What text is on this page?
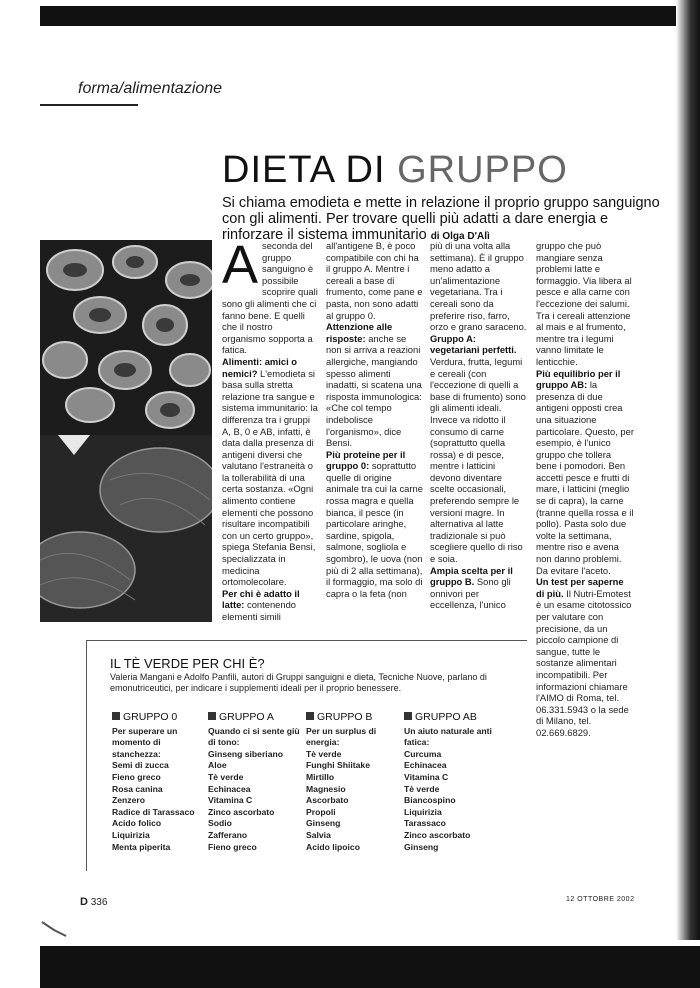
forma/alimentazione
DIETA DI GRUPPO
Si chiama emodieta e mette in relazione il proprio gruppo sanguigno con gli alimenti. Per trovare quelli più adatti a dare energia e rinforzare il sistema immunitario di Olga D'Alì
A seconda del gruppo sanguigno è possibile scoprire quali sono gli alimenti che ci fanno bene. E quelli che il nostro organismo sopporta a fatica.
Alimenti: amici o nemici? L'emodieta si basa sulla stretta relazione tra sangue e sistema immunitario: la differenza tra i gruppi A, B, 0 e AB, infatti, è data dalla presenza di antigeni diversi che valutano l'estraneità o la tollerabilità di una certa sostanza. «Ogni alimento contiene elementi che possono risultare incompatibili con un certo gruppo», spiega Stefania Bensi, specializzata in medicina ortomolecolare.
Per chi è adatto il latte: contenendo elementi simili
all'antigene B, è poco compatibile con chi ha il gruppo A. Mentre i cereali a base di frumento, come pane e pasta, non sono adatti al gruppo 0.
Attenzione alle risposte: anche se non si arriva a reazioni allergiche, mangiando spesso alimenti inadatti, si scatena una risposta immunologica: «Che col tempo indebolisce l'organismo», dice Bensi.
Più proteine per il gruppo 0: soprattutto quelle di origine animale tra cui la carne rossa magra e quella bianca, il pesce (in particolare aringhe, sardine, spigola, salmone, sogliola e sgombro), le uova (non più di 2 alla settimana), il formaggio, ma solo di capra o la feta (non
più di una volta alla settimana). È il gruppo meno adatto a un'alimentazione vegetariana. Tra i cereali sono da preferire riso, farro, orzo e grano saraceno.
Gruppo A: vegetariani perfetti. Verdura, frutta, legumi e cereali (con l'eccezione di quelli a base di frumento) sono gli alimenti ideali. Invece va ridotto il consumo di carne (soprattutto quella rossa) e di pesce, mentre i latticini devono diventare scelte occasionali, preferendo sempre le versioni magre. In alternativa al latte tradizionale si può scegliere quello di riso e soia.
Ampia scelta per il gruppo B. Sono gli onnivori per eccellenza, l'unico
gruppo che può mangiare senza problemi latte e formaggio. Via libera al pesce e alla carne con l'eccezione dei salumi. Tra i cereali attenzione al mais e al frumento, mentre tra i legumi vanno limitate le lenticchie.
Più equilibrio per il gruppo AB: la presenza di due antigeni opposti crea una situazione particolare. Questo, per esempio, è l'unico gruppo che tollera bene i pomodori. Ben accetti pesce e frutti di mare, i latticini (meglio se di capra), la carne (tranne quella rossa e il pollo). Pasta solo due volte la settimana, mentre riso e avena non danno problemi. Da evitare l'aceto.
Un test per saperne di più. Il Nutri-Emotest è un esame citotossico per valutare con precisione, da un piccolo campione di sangue, tutte le sostanze alimentari incompatibili. Per informazioni chiamare l'AIMO di Roma, tel. 06.331.5943 o la sede di Milano, tel. 02.669.6829.
IL TÈ VERDE PER CHI È?
Valeria Mangani e Adolfo Panfili, autori di Gruppi sanguigni e dieta, Tecniche Nuove, parlano di emonutriceutici, per indicare i supplementi ideali per il proprio benessere.
GRUPPO 0
Per superare un momento di stanchezza:
Semi di zucca
Fieno greco
Rosa canina
Zenzero
Radice di Tarassaco
Acido folico
Liquirizia
Menta piperita
GRUPPO A
Quando ci si sente giù di tono:
Ginseng siberiano
Aloe
Tè verde
Echinacea
Vitamina C
Zinco ascorbato
Sodio
Zafferano
Fieno greco
GRUPPO B
Per un surplus di energia:
Tè verde
Funghi Shiitake
Mirtillo
Magnesio
Ascorbato
Propoli
Ginseng
Salvia
Acido lipoico
GRUPPO AB
Un aiuto naturale anti fatica:
Curcuma
Echinacea
Vitamina C
Tè verde
Biancospino
Liquirizia
Tarassaco
Zinco ascorbato
Ginseng
D 336	12 OTTOBRE 2002
